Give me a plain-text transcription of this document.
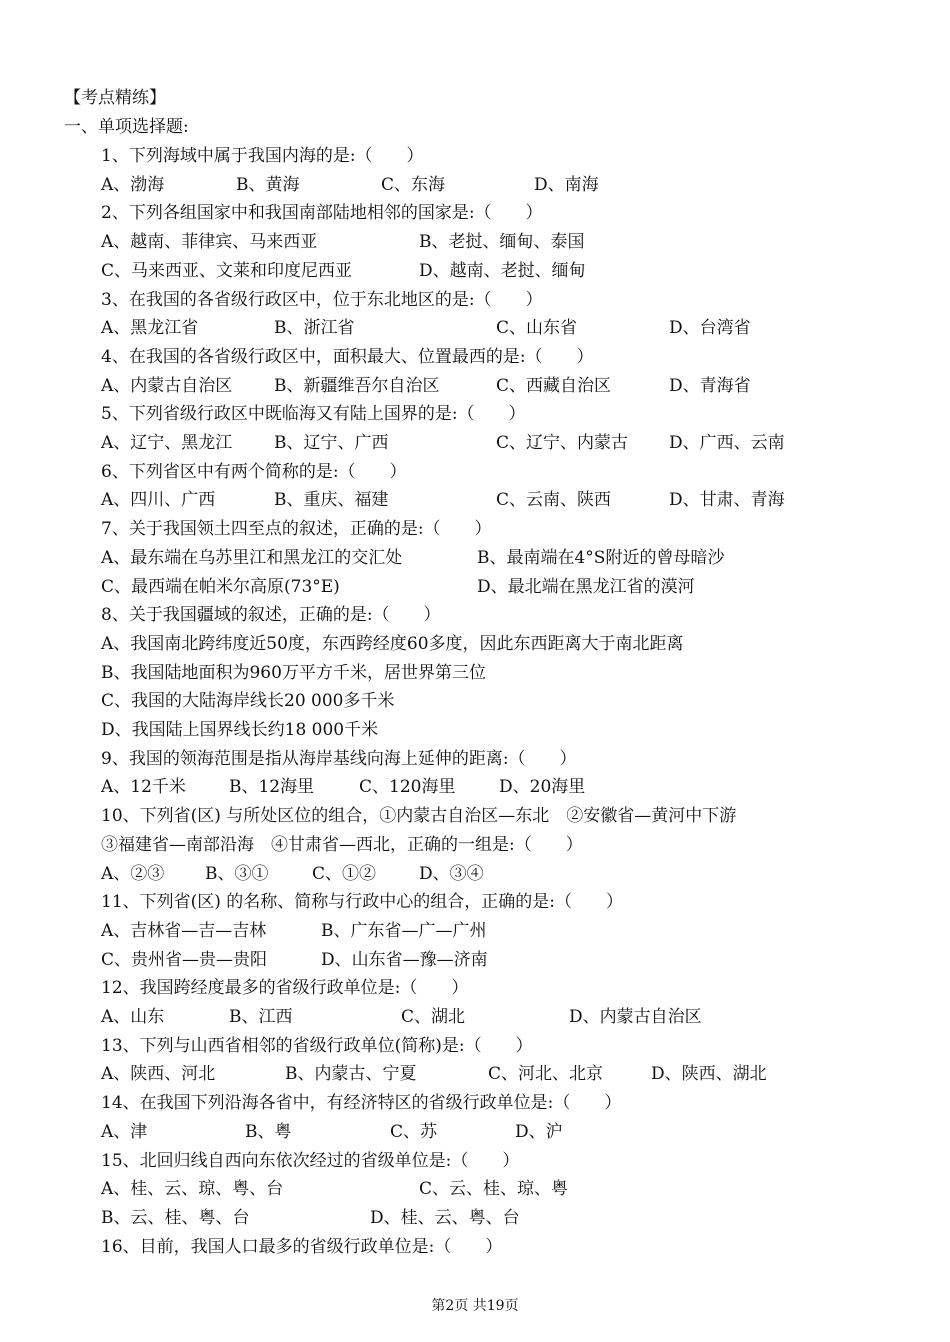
【考点精练】
一、单项选择题:
1、下列海域中属于我国内海的是:（　　）
A、渤海	B、黄海	C、东海	D、南海
2、下列各组国家中和我国南部陆地相邻的国家是:（　　）
A、越南、菲律宾、马来西亚	B、老挝、缅甸、泰国
C、马来西亚、文莱和印度尼西亚	D、越南、老挝、缅甸
3、在我国的各省级行政区中，位于东北地区的是:（　　）
A、黑龙江省	B、浙江省	C、山东省	D、台湾省
4、在我国的各省级行政区中，面积最大、位置最西的是:（　　）
A、内蒙古自治区 B、新疆维吾尔自治区	C、西藏自治区	D、青海省
5、下列省级行政区中既临海又有陆上国界的是:（　　）
A、辽宁、黑龙江 B、辽宁、广西	C、辽宁、内蒙古 D、广西、云南
6、下列省区中有两个简称的是:（　　）
A、四川、广西	B、重庆、福建	C、云南、陕西	D、甘肃、青海
7、关于我国领土四至点的叙述，正确的是:（　　）
A、最东端在乌苏里江和黑龙江的交汇处	B、最南端在4°S附近的曾母暗沙
C、最西端在帕米尔高原(73°E)	D、最北端在黑龙江省的漠河
8、关于我国疆域的叙述，正确的是:（　　）
A、我国南北跨纬度近50度，东西跨经度60多度，因此东西距离大于南北距离
B、我国陆地面积为960万平方千米，居世界第三位
C、我国的大陆海岸线长20 000多千米
D、我国陆上国界线长约18 000千米
9、我国的领海范围是指从海岸基线向海上延伸的距离:（　　）
A、12千米	B、12海里	C、120海里	D、20海里
10、下列省(区) 与所处区位的组合，①内蒙古自治区—东北　②安徽省—黄河中下游
③福建省—南部沿海　④甘肃省—西北，正确的一组是:（　　）
A、②③ B、③①	C、①②	D、③④
11、下列省(区) 的名称、简称与行政中心的组合，正确的是:（　　）
A、吉林省—吉—吉林	B、广东省—广—广州
C、贵州省—贵—贵阳	D、山东省—豫—济南
12、我国跨经度最多的省级行政单位是:（　　）
A、山东	B、江西	C、湖北	D、内蒙古自治区
13、下列与山西省相邻的省级行政单位(简称)是:（　　）
A、陕西、河北	B、内蒙古、宁夏	C、河北、北京	D、陕西、湖北
14、在我国下列沿海各省中，有经济特区的省级行政单位是:（　　）
A、津	B、粤	C、苏	D、沪
15、北回归线自西向东依次经过的省级单位是:（　　）
A、桂、云、琼、粤、台	C、云、桂、琼、粤
B、云、桂、粤、台	D、桂、云、粤、台
16、目前，我国人口最多的省级行政单位是:（　　）
第2页 共19页
